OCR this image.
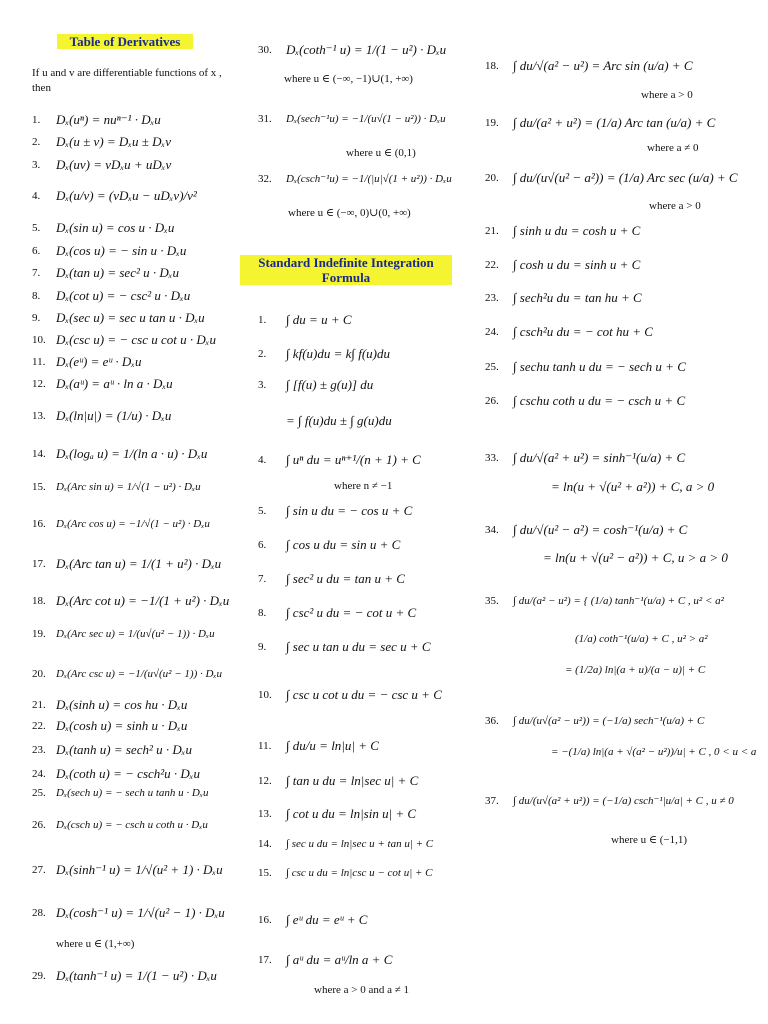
Table of Derivatives
If u and v are differentiable functions of x , then
1.	Dₓ(uⁿ) = nuⁿ⁻¹ · Dₓu
2.	Dₓ(u ± v) = Dₓu ± Dₓv
3.	Dₓ(uv) = vDₓu + uDₓv
4.	Dₓ(u/v) = (vDₓu − uDₓv)/v²
5.	Dₓ(sin u) = cos u · Dₓu
6.	Dₓ(cos u) = − sin u · Dₓu
7.	Dₓ(tan u) = sec² u · Dₓu
8.	Dₓ(cot u) = − csc² u · Dₓu
9.	Dₓ(sec u) = sec u tan u · Dₓu
10. Dₓ(csc u) = − csc u cot u · Dₓu
11. Dₓ(eᵘ) = eᵘ · Dₓu
12. Dₓ(aᵘ) = aᵘ · ln a · Dₓu
13. Dₓ(ln|u|) = (1/u) · Dₓu
14. Dₓ(logₐ u) = 1/(ln a · u) · Dₓu
15. Dₓ(Arc sin u) = 1/√(1 − u²) · Dₓu
16. Dₓ(Arc cos u) = −1/√(1 − u²) · Dₓu
17. Dₓ(Arc tan u) = 1/(1 + u²) · Dₓu
18. Dₓ(Arc cot u) = −1/(1 + u²) · Dₓu
19. Dₓ(Arc sec u) = 1/(u√(u² − 1)) · Dₓu
20. Dₓ(Arc csc u) = −1/(u√(u² − 1)) · Dₓu
21. Dₓ(sinh u) = cos hu · Dₓu
22. Dₓ(cosh u) = sinh u · Dₓu
23. Dₓ(tanh u) = sech² u · Dₓu
24. Dₓ(coth u) = − csch²u · Dₓu
25. Dₓ(sech u) = − sech u tanh u · Dₓu
26. Dₓ(csch u) = − csch u coth u · Dₓu
27. Dₓ(sinh⁻¹ u) = 1/√(u² + 1) · Dₓu
28. Dₓ(cosh⁻¹ u) = 1/√(u² − 1) · Dₓu
where u ∈ (1,+∞)
29. Dₓ(tanh⁻¹ u) = 1/(1 − u²) · Dₓu
30.	Dₓ(coth⁻¹ u) = 1/(1 − u²) · Dₓu
where u ∈ (−∞, −1)∪(1, +∞)
31.	Dₓ(sech⁻¹u) = −1/(u√(1 − u²)) · Dₓu
where u ∈ (0,1)
32.	Dₓ(csch⁻¹u) = −1/(|u|√(1 + u²)) · Dₓu
where u ∈ (−∞, 0)∪(0, +∞)
Standard Indefinite Integration Formula
1.	∫ du = u + C
2.	∫ kf(u)du = k∫ f(u)du
3.	∫ [f(u) ± g(u)] du
= ∫ f(u)du ± ∫ g(u)du
4.	∫ uⁿ du = uⁿ⁺¹/(n + 1) + C
where n ≠ −1
5.	∫ sin u du = − cos u + C
6.	∫ cos u du = sin u + C
7.	∫ sec² u du = tan u + C
8.	∫ csc² u du = − cot u + C
9.	∫ sec u tan u du = sec u + C
10.	∫ csc u cot u du = − csc u + C
11.	∫ du/u = ln|u| + C
12.	∫ tan u du = ln|sec u| + C
13.	∫ cot u du = ln|sin u| + C
14.	∫ sec u du = ln|sec u + tan u| + C
15.	∫ csc u du = ln|csc u − cot u| + C
16.	∫ eᵘ du = eᵘ + C
17.	∫ aᵘ du = aᵘ/ln a + C
where a > 0 and a ≠ 1
18.	∫ du/√(a² − u²) = Arc sin (u/a) + C
where a > 0
19.	∫ du/(a² + u²) = (1/a) Arc tan (u/a) + C
where a ≠ 0
20.	∫ du/(u√(u² − a²)) = (1/a) Arc sec (u/a) + C
where a > 0
21.	∫ sinh u du = cosh u + C
22.	∫ cosh u du = sinh u + C
23.	∫ sech²u du = tan hu + C
24.	∫ csch²u du = − cot hu + C
25.	∫ sechu tanh u du = − sech u + C
26.	∫ cschu coth u du = − csch u + C
33.	∫ du/√(a² + u²) = sinh⁻¹(u/a) + C
= ln(u + √(u² + a²)) + C, a > 0
34.	∫ du/√(u² − a²) = cosh⁻¹(u/a) + C
= ln(u + √(u² − a²)) + C, u > a > 0
35.	∫ du/(a² − u²) = { (1/a) tanh⁻¹(u/a) + C , u² < a²
(1/a) coth⁻¹(u/a) + C , u² > a²
= (1/2a) ln|(a + u)/(a − u)| + C
36.	∫ du/(u√(a² − u²)) = (−1/a) sech⁻¹(u/a) + C
= −(1/a) ln|(a + √(a² − u²))/u| + C , 0 < u < a
37.	∫ du/(u√(a² + u²)) = (−1/a) csch⁻¹|u/a| + C , u ≠ 0
where u ∈ (−1,1)
